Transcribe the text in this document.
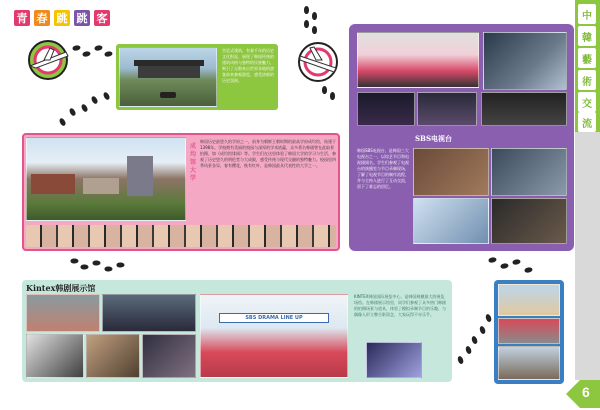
青 春 跳 跳 客	中
韓
藝
術
交
流
宫廷式建筑，有着千年的历史文化积淀，展现了韩国传统的建筑风格与独特的民族魅力，吸引了无数来自世界各地的游客前来参观游览，感受浓郁的历史氛围。
成均馆大学
韩国历史最悠久的学府之一，前身为朝鲜王朝时期的最高学府成均馆，始建于1398年。学校拥有美丽的校园与深厚的学术底蕴，众多著名韩剧曾在此取景拍摄，如《成均馆绯闻》等。学生们在这里体验了韩国大学的学习与生活，参观了历史悠久的明伦堂与大成殿，感受传统与现代交融的独特魅力。校园里四季风景各异，春有樱花，秋有红叶，是韩国最具代表性的大学之一。
SBS电视台
韩国SBS电视台，是韩国三大电视台之一，以综艺节目和电视剧闻名。学生们参观了电视台的演播室与节目录制现场，了解了电视节目的制作流程，并与主持人进行了互动交流，留下了难忘的回忆。
Kintex韩剧展示馆
SBS DRAMA LINE UP
KINTEX韩国国际展览中心，是韩国规模最大的展览场馆。在韩剧展示馆里，同学们参观了众多热门韩剧的拍摄场景与道具，体验了模拟录制节目的乐趣，与偶像人形立牌合影留念，大家玩得不亦乐乎。
6
